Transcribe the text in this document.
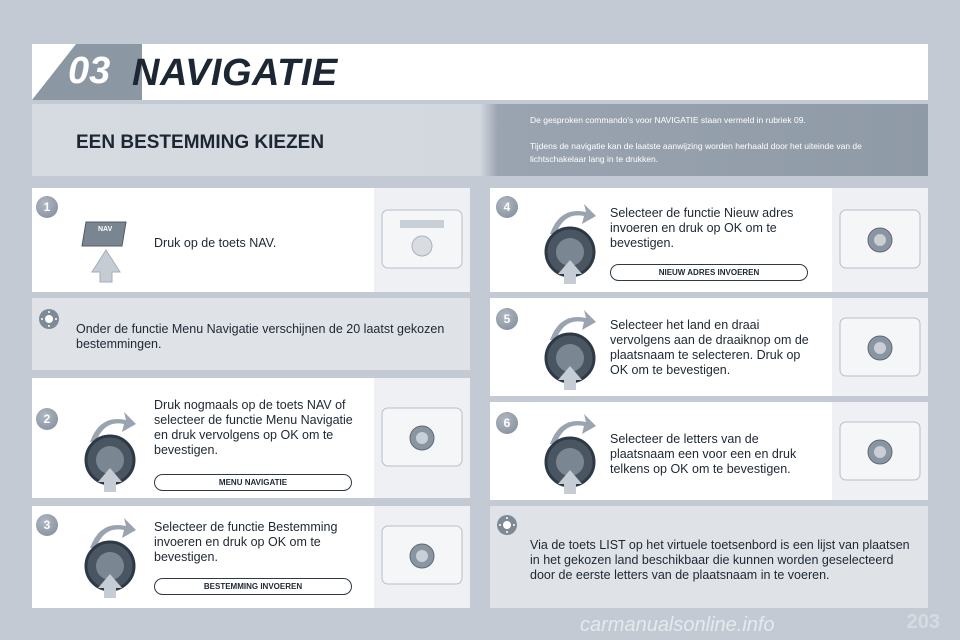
03 NAVIGATIE
EEN BESTEMMING KIEZEN
De gesproken commando's voor NAVIGATIE staan vermeld in rubriek 09.
Tijdens de navigatie kan de laatste aanwijzing worden herhaald door het uiteinde van de lichtschakelaar lang in te drukken.
1
NAV
Druk op de toets NAV.
Onder de functie Menu Navigatie verschijnen de 20 laatst gekozen bestemmingen.
2
Druk nogmaals op de toets NAV of selecteer de functie Menu Navigatie en druk vervolgens op OK om te bevestigen.
MENU NAVIGATIE
3	Selecteer de functie Bestemming invoeren en druk op OK om te bevestigen.
BESTEMMING INVOEREN
4	Selecteer de functie Nieuw adres invoeren en druk op OK om te bevestigen.
NIEUW ADRES INVOEREN
5	Selecteer het land en draai vervolgens aan de draaiknop om de plaatsnaam te selecteren. Druk op OK om te bevestigen.
6
Selecteer de letters van de plaatsnaam een voor een en druk telkens op OK om te bevestigen.
Via de toets LIST op het virtuele toetsenbord is een lijst van plaatsen in het gekozen land beschikbaar die kunnen worden geselecteerd door de eerste letters van de plaatsnaam in te voeren.
203
carmanualsonline.info
